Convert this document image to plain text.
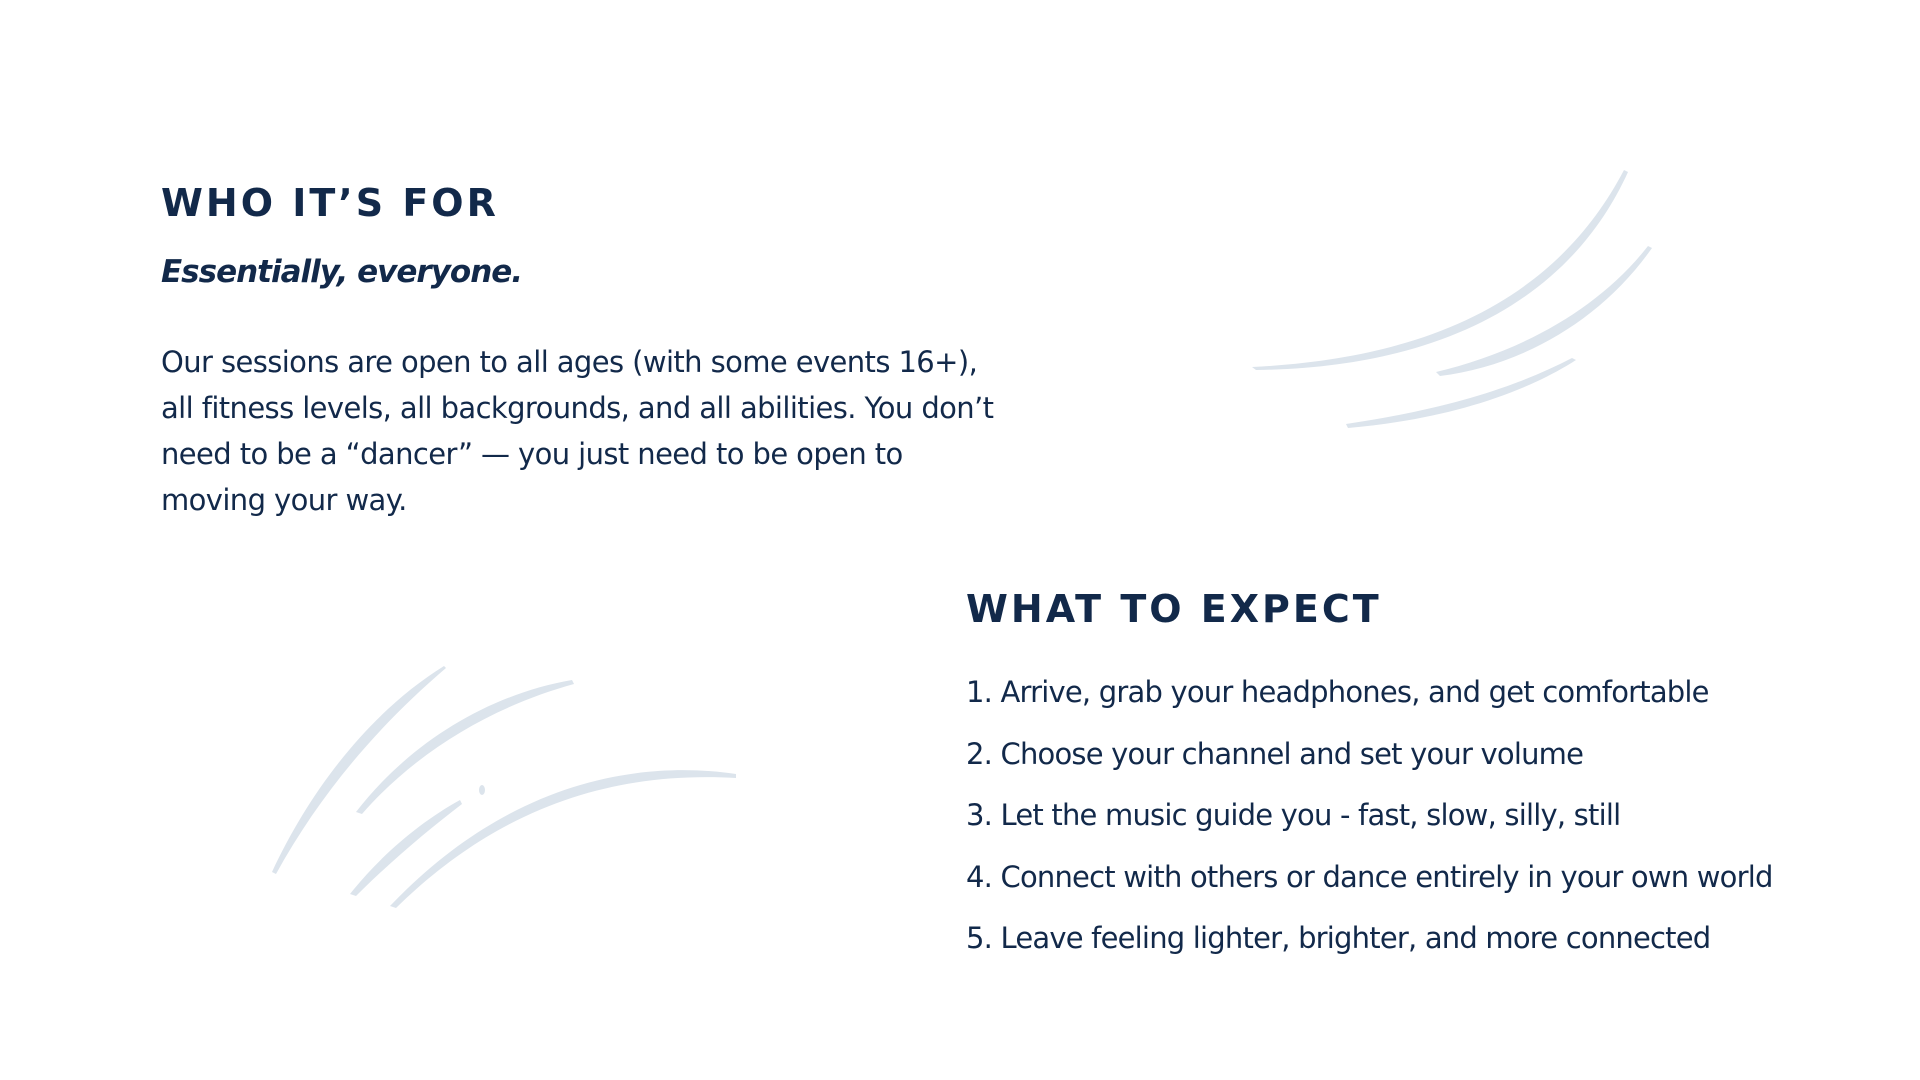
WHO IT’S FOR

Essentially, everyone.

Our sessions are open to all ages (with some events 16+), all fitness levels, all backgrounds, and all abilities. You don’t need to be a “dancer” — you just need to be open to moving your way.

WHAT TO EXPECT
1. Arrive, grab your headphones, and get comfortable
2. Choose your channel and set your volume
3. Let the music guide you - fast, slow, silly, still
4. Connect with others or dance entirely in your own world
5. Leave feeling lighter, brighter, and more connected
